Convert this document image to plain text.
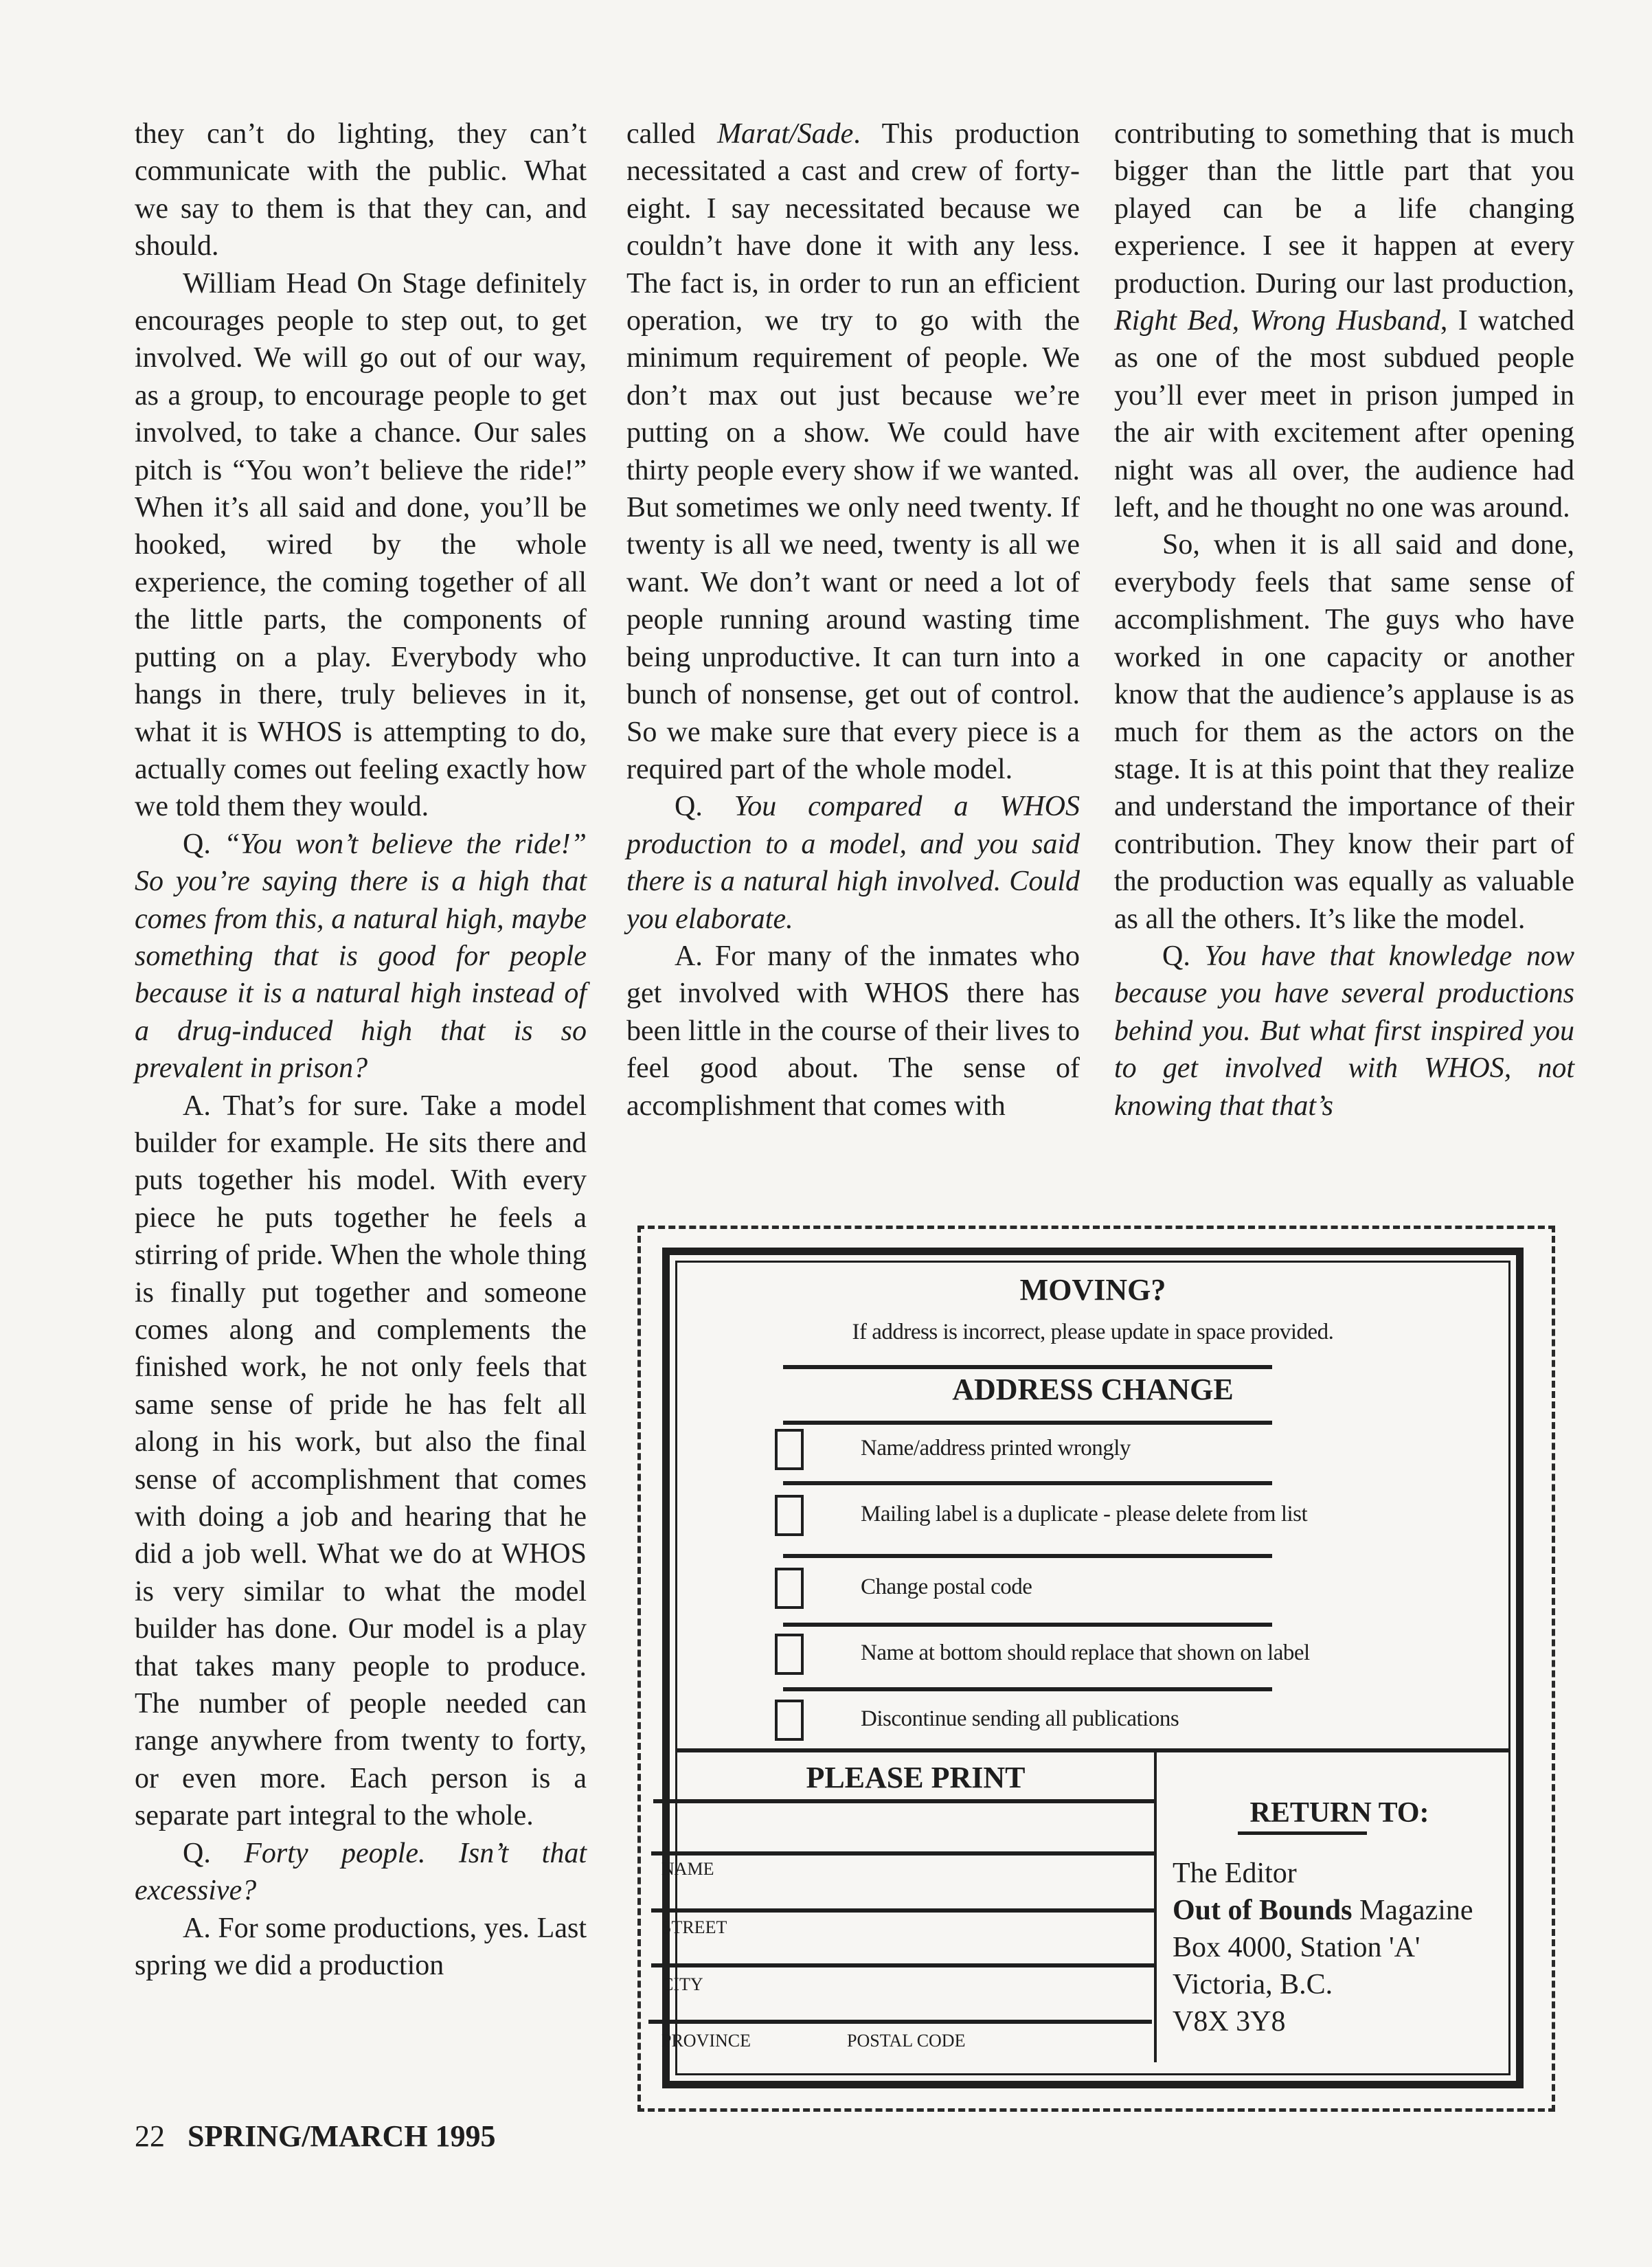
they can’t do lighting, they can’t communicate with the public. What we say to them is that they can, and should.

William Head On Stage definitely encourages people to step out, to get involved. We will go out of our way, as a group, to encourage people to get involved, to take a chance. Our sales pitch is “You won’t believe the ride!” When it’s all said and done, you’ll be hooked, wired by the whole experience, the coming together of all the little parts, the components of putting on a play. Everybody who hangs in there, truly believes in it, what it is WHOS is attempting to do, actually comes out feeling exactly how we told them they would.

Q. “You won’t believe the ride!” So you’re saying there is a high that comes from this, a natural high, maybe something that is good for people because it is a natural high instead of a drug-induced high that is so prevalent in prison?

A. That’s for sure. Take a model builder for example. He sits there and puts together his model. With every piece he puts together he feels a stirring of pride. When the whole thing is finally put together and someone comes along and complements the finished work, he not only feels that same sense of pride he has felt all along in his work, but also the final sense of accomplishment that comes with doing a job and hearing that he did a job well. What we do at WHOS is very similar to what the model builder has done. Our model is a play that takes many people to produce. The number of people needed can range anywhere from twenty to forty, or even more. Each person is a separate part integral to the whole.

Q. Forty people. Isn’t that excessive?

A. For some productions, yes. Last spring we did a production

called Marat/Sade. This production necessitated a cast and crew of forty-eight. I say necessitated because we couldn’t have done it with any less. The fact is, in order to run an efficient operation, we try to go with the minimum requirement of people. We don’t max out just because we’re putting on a show. We could have thirty people every show if we wanted. But sometimes we only need twenty. If twenty is all we need, twenty is all we want. We don’t want or need a lot of people running around wasting time being unproductive. It can turn into a bunch of nonsense, get out of control. So we make sure that every piece is a required part of the whole model.

Q. You compared a WHOS production to a model, and you said there is a natural high involved. Could you elaborate.

A. For many of the inmates who get involved with WHOS there has been little in the course of their lives to feel good about. The sense of accomplishment that comes with

contributing to something that is much bigger than the little part that you played can be a life changing experience. I see it happen at every production. During our last production, Right Bed, Wrong Husband, I watched as one of the most subdued people you’ll ever meet in prison jumped in the air with excitement after opening night was all over, the audience had left, and he thought no one was around.

So, when it is all said and done, everybody feels that same sense of accomplishment. The guys who have worked in one capacity or another know that the audience’s applause is as much for them as the actors on the stage. It is at this point that they realize and understand the importance of their contribution. They know their part of the production was equally as valuable as all the others. It’s like the model.

Q. You have that knowledge now because you have several productions behind you. But what first inspired you to get involved with WHOS, not knowing that that’s

22 SPRING/MARCH 1995
MOVING?
If address is incorrect, please update in space provided.
ADDRESS CHANGE
Name/address printed wrongly
Mailing label is a duplicate - please delete from list
Change postal code
Name at bottom should replace that shown on label
Discontinue sending all publications
PLEASE PRINT
NAME
STREET
CITY
PROVINCE	POSTAL CODE
RETURN TO:
The Editor
Out of Bounds Magazine
Box 4000, Station 'A'
Victoria, B.C.
V8X 3Y8
